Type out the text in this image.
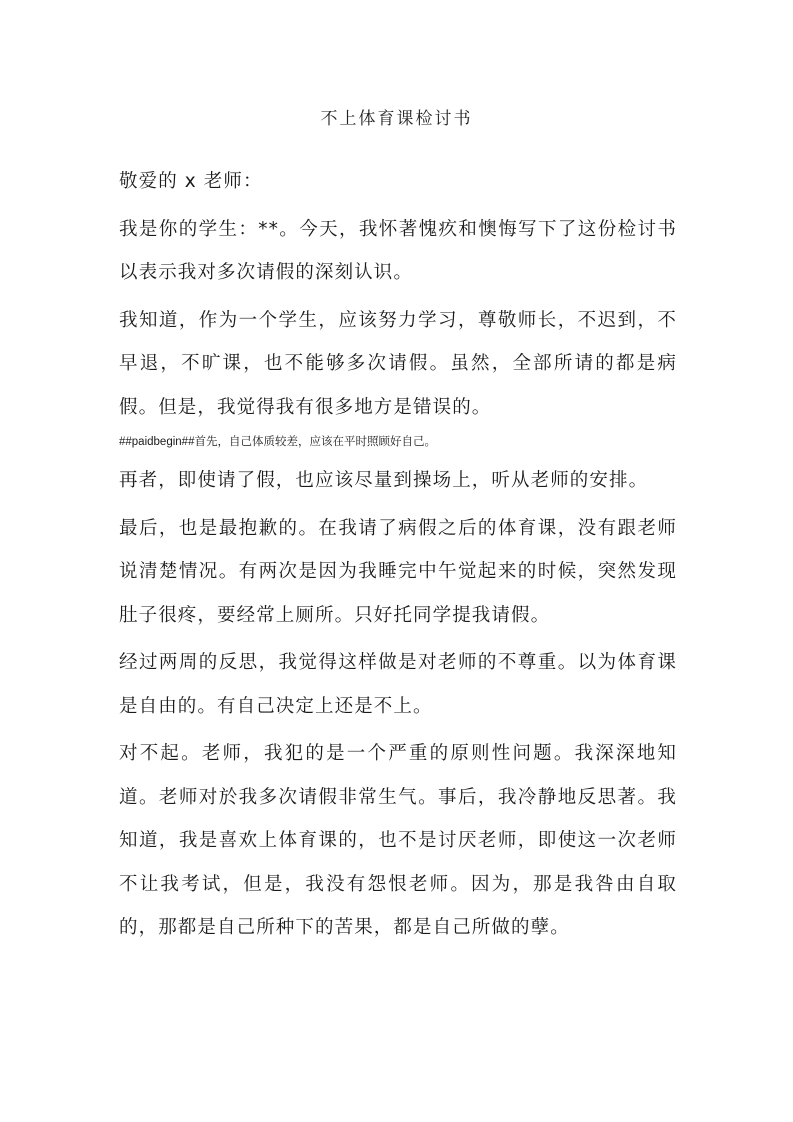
不上体育课检讨书

敬爱的 x 老师：

我是你的学生：**。今天，我怀著愧疚和懊悔写下了这份检讨书以表示我对多次请假的深刻认识。

我知道，作为一个学生，应该努力学习，尊敬师长，不迟到，不早退，不旷课，也不能够多次请假。虽然，全部所请的都是病假。但是，我觉得我有很多地方是错误的。

##paidbegin##首先，自己体质较差，应该在平时照顾好自己。

再者，即使请了假，也应该尽量到操场上，听从老师的安排。

最后，也是最抱歉的。在我请了病假之后的体育课，没有跟老师说清楚情况。有两次是因为我睡完中午觉起来的时候，突然发现肚子很疼，要经常上厕所。只好托同学提我请假。

经过两周的反思，我觉得这样做是对老师的不尊重。以为体育课是自由的。有自己决定上还是不上。

对不起。老师，我犯的是一个严重的原则性问题。我深深地知道。老师对於我多次请假非常生气。事后，我冷静地反思著。我知道，我是喜欢上体育课的，也不是讨厌老师，即使这一次老师不让我考试，但是，我没有怨恨老师。因为，那是我咎由自取的，那都是自己所种下的苦果，都是自己所做的孽。
